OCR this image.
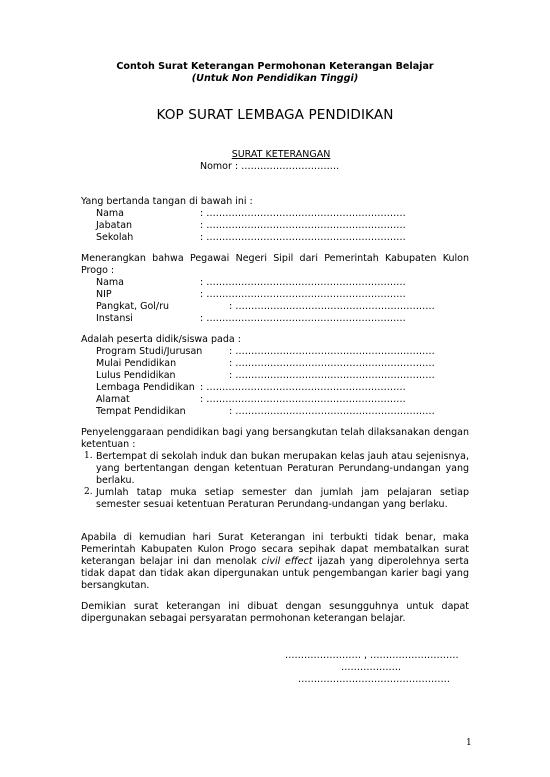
Contoh Surat Keterangan Permohonan Keterangan Belajar
(Untuk Non Pendidikan Tinggi)
KOP SURAT LEMBAGA PENDIDIKAN
SURAT KETERANGAN
Nomor : ………………………….
Yang bertanda tangan di bawah ini :
Nama	: ………………………………………………………
Jabatan	: ………………………………………………………
Sekolah	: ………………………………………………………
Menerangkan bahwa Pegawai Negeri Sipil dari Pemerintah Kabupaten Kulon
Progo :
Nama	: ………………………………………………………
NIP	: ………………………………………………………
Pangkat, Gol/ru	: ………………………………………………………
Instansi	: ………………………………………………………
Adalah peserta didik/siswa pada :
Program Studi/Jurusan	: ………………………………………………………
Mulai Pendidikan	: ………………………………………………………
Lulus Pendidikan	: ………………………………………………………
Lembaga Pendidikan : ………………………………………………………
Alamat	: ………………………………………………………
Tempat Pendidikan	: ………………………………………………………
Penyelenggaraan pendidikan bagi yang bersangkutan telah dilaksanakan dengan ketentuan :
1. Bertempat di sekolah induk dan bukan merupakan kelas jauh atau sejenisnya, yang bertentangan dengan ketentuan Peraturan Perundang-undangan yang berlaku.
2. Jumlah tatap muka setiap semester dan jumlah jam pelajaran setiap semester sesuai ketentuan Peraturan Perundang-undangan yang berlaku.
Apabila di kemudian hari Surat Keterangan ini terbukti tidak benar, maka Pemerintah Kabupaten Kulon Progo secara sepihak dapat membatalkan surat keterangan belajar ini dan menolak civil effect ijazah yang diperolehnya serta tidak dapat dan tidak akan dipergunakan untuk pengembangan karier bagi yang bersangkutan.
Demikian surat keterangan ini dibuat dengan sesungguhnya untuk dapat dipergunakan sebagai persyaratan permohonan keterangan belajar.
…………………… , ……………………….
……………….
…………………………………………
1
